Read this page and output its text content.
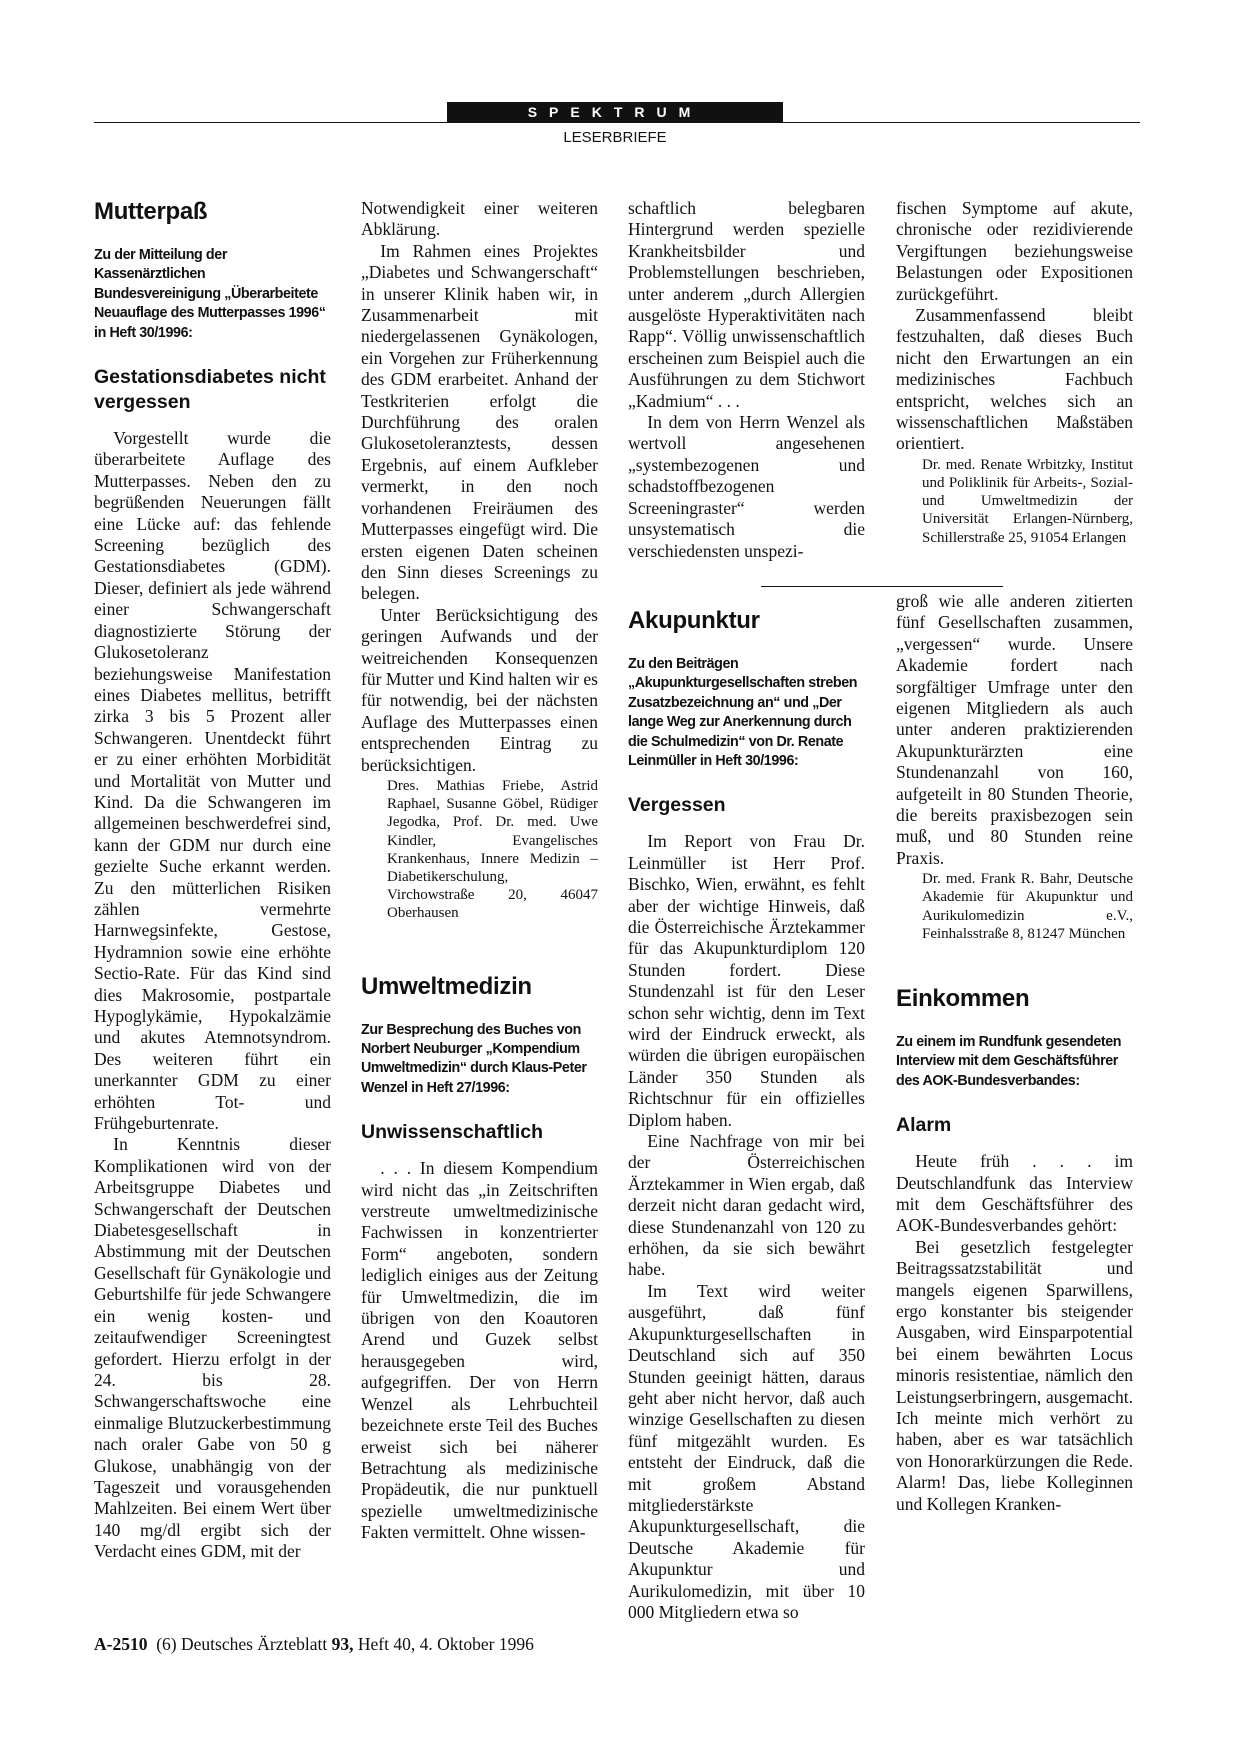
SPEKTRUM
LESERBRIEFE
Mutterpaß
Zu der Mitteilung der Kassenärztlichen Bundesvereinigung „Überarbeitete Neuauflage des Mutterpasses 1996“ in Heft 30/1996:
Gestationsdiabetes nicht vergessen

Vorgestellt wurde die überarbeitete Auflage des Mutterpasses. Neben den zu begrüßenden Neuerungen fällt eine Lücke auf: das fehlende Screening bezüglich des Gestationsdiabetes (GDM). Dieser, definiert als jede während einer Schwangerschaft diagnostizierte Störung der Glukosetoleranz beziehungsweise Manifestation eines Diabetes mellitus, betrifft zirka 3 bis 5 Prozent aller Schwangeren. Unentdeckt führt er zu einer erhöhten Morbidität und Mortalität von Mutter und Kind. Da die Schwangeren im allgemeinen beschwerdefrei sind, kann der GDM nur durch eine gezielte Suche erkannt werden. Zu den mütterlichen Risiken zählen vermehrte Harnwegsinfekte, Gestose, Hydramnion sowie eine erhöhte Sectio-Rate. Für das Kind sind dies Makrosomie, postpartale Hypoglykämie, Hypokalzämie und akutes Atemnotsyndrom. Des weiteren führt ein unerkannter GDM zu einer erhöhten Tot- und Frühgeburtenrate.

In Kenntnis dieser Komplikationen wird von der Arbeitsgruppe Diabetes und Schwangerschaft der Deutschen Diabetesgesellschaft in Abstimmung mit der Deutschen Gesellschaft für Gynäkologie und Geburtshilfe für jede Schwangere ein wenig kosten- und zeitaufwendiger Screeningtest gefordert. Hierzu erfolgt in der 24. bis 28. Schwangerschaftswoche eine einmalige Blutzuckerbestimmung nach oraler Gabe von 50 g Glukose, unabhängig von der Tageszeit und vorausgehenden Mahlzeiten. Bei einem Wert über 140 mg/dl ergibt sich der Verdacht eines GDM, mit der

Notwendigkeit einer weiteren Abklärung.

Im Rahmen eines Projektes „Diabetes und Schwangerschaft“ in unserer Klinik haben wir, in Zusammenarbeit mit niedergelassenen Gynäkologen, ein Vorgehen zur Früherkennung des GDM erarbeitet. Anhand der Testkriterien erfolgt die Durchführung des oralen Glukosetoleranztests, dessen Ergebnis, auf einem Aufkleber vermerkt, in den noch vorhandenen Freiräumen des Mutterpasses eingefügt wird. Die ersten eigenen Daten scheinen den Sinn dieses Screenings zu belegen.

Unter Berücksichtigung des geringen Aufwands und der weitreichenden Konsequenzen für Mutter und Kind halten wir es für notwendig, bei der nächsten Auflage des Mutterpasses einen entsprechenden Eintrag zu berücksichtigen.

Dres. Mathias Friebe, Astrid Raphael, Susanne Göbel, Rüdiger Jegodka, Prof. Dr. med. Uwe Kindler, Evangelisches Krankenhaus, Innere Medizin – Diabetikerschulung, Virchowstraße 20, 46047 Oberhausen
Umweltmedizin
Zur Besprechung des Buches von Norbert Neuburger „Kompendium Umweltmedizin“ durch Klaus-Peter Wenzel in Heft 27/1996:
Unwissenschaftlich

. . . In diesem Kompendium wird nicht das „in Zeitschriften verstreute umweltmedizinische Fachwissen in konzentrierter Form“ angeboten, sondern lediglich einiges aus der Zeitung für Umweltmedizin, die im übrigen von den Koautoren Arend und Guzek selbst herausgegeben wird, aufgegriffen. Der von Herrn Wenzel als Lehrbuchteil bezeichnete erste Teil des Buches erweist sich bei näherer Betrachtung als medizinische Propädeutik, die nur punktuell spezielle umweltmedizinische Fakten vermittelt. Ohne wissen-

schaftlich belegbaren Hintergrund werden spezielle Krankheitsbilder und Problemstellungen beschrieben, unter anderem „durch Allergien ausgelöste Hyperaktivitäten nach Rapp“. Völlig unwissenschaftlich erscheinen zum Beispiel auch die Ausführungen zu dem Stichwort „Kadmium“ . . .

In dem von Herrn Wenzel als wertvoll angesehenen „systembezogenen und schadstoffbezogenen Screeningraster“ werden unsystematisch die verschiedensten unspezi-

Akupunktur
Zu den Beiträgen „Akupunkturgesellschaften streben Zusatzbezeichnung an“ und „Der lange Weg zur Anerkennung durch die Schulmedizin“ von Dr. Renate Leinmüller in Heft 30/1996:
Vergessen

Im Report von Frau Dr. Leinmüller ist Herr Prof. Bischko, Wien, erwähnt, es fehlt aber der wichtige Hinweis, daß die Österreichische Ärztekammer für das Akupunkturdiplom 120 Stunden fordert. Diese Stundenzahl ist für den Leser schon sehr wichtig, denn im Text wird der Eindruck erweckt, als würden die übrigen europäischen Länder 350 Stunden als Richtschnur für ein offizielles Diplom haben.

Eine Nachfrage von mir bei der Österreichischen Ärztekammer in Wien ergab, daß derzeit nicht daran gedacht wird, diese Stundenanzahl von 120 zu erhöhen, da sie sich bewährt habe.

Im Text wird weiter ausgeführt, daß fünf Akupunkturgesellschaften in Deutschland sich auf 350 Stunden geeinigt hätten, daraus geht aber nicht hervor, daß auch winzige Gesellschaften zu diesen fünf mitgezählt wurden. Es entsteht der Eindruck, daß die mit großem Abstand mitgliederstärkste Akupunkturgesellschaft, die Deutsche Akademie für Akupunktur und Aurikulomedizin, mit über 10 000 Mitgliedern etwa so

fischen Symptome auf akute, chronische oder rezidivierende Vergiftungen beziehungsweise Belastungen oder Expositionen zurückgeführt.

Zusammenfassend bleibt festzuhalten, daß dieses Buch nicht den Erwartungen an ein medizinisches Fachbuch entspricht, welches sich an wissenschaftlichen Maßstäben orientiert.

Dr. med. Renate Wrbitzky, Institut und Poliklinik für Arbeits-, Sozial- und Umweltmedizin der Universität Erlangen-Nürnberg, Schillerstraße 25, 91054 Erlangen

groß wie alle anderen zitierten fünf Gesellschaften zusammen, „vergessen“ wurde. Unsere Akademie fordert nach sorgfältiger Umfrage unter den eigenen Mitgliedern als auch unter anderen praktizierenden Akupunkturärzten eine Stundenanzahl von 160, aufgeteilt in 80 Stunden Theorie, die bereits praxisbezogen sein muß, und 80 Stunden reine Praxis.

Dr. med. Frank R. Bahr, Deutsche Akademie für Akupunktur und Aurikulomedizin e.V., Feinhalsstraße 8, 81247 München
Einkommen
Zu einem im Rundfunk gesendeten Interview mit dem Geschäftsführer des AOK-Bundesverbandes:
Alarm

Heute früh . . . im Deutschlandfunk das Interview mit dem Geschäftsführer des AOK-Bundesverbandes gehört:

Bei gesetzlich festgelegter Beitragssatzstabilität und mangels eigenen Sparwillens, ergo konstanter bis steigender Ausgaben, wird Einsparpotential bei einem bewährten Locus minoris resistentiae, nämlich den Leistungserbringern, ausgemacht. Ich meinte mich verhört zu haben, aber es war tatsächlich von Honorarkürzungen die Rede. Alarm! Das, liebe Kolleginnen und Kollegen Kranken-

A-2510 (6) Deutsches Ärzteblatt 93, Heft 40, 4. Oktober 1996
